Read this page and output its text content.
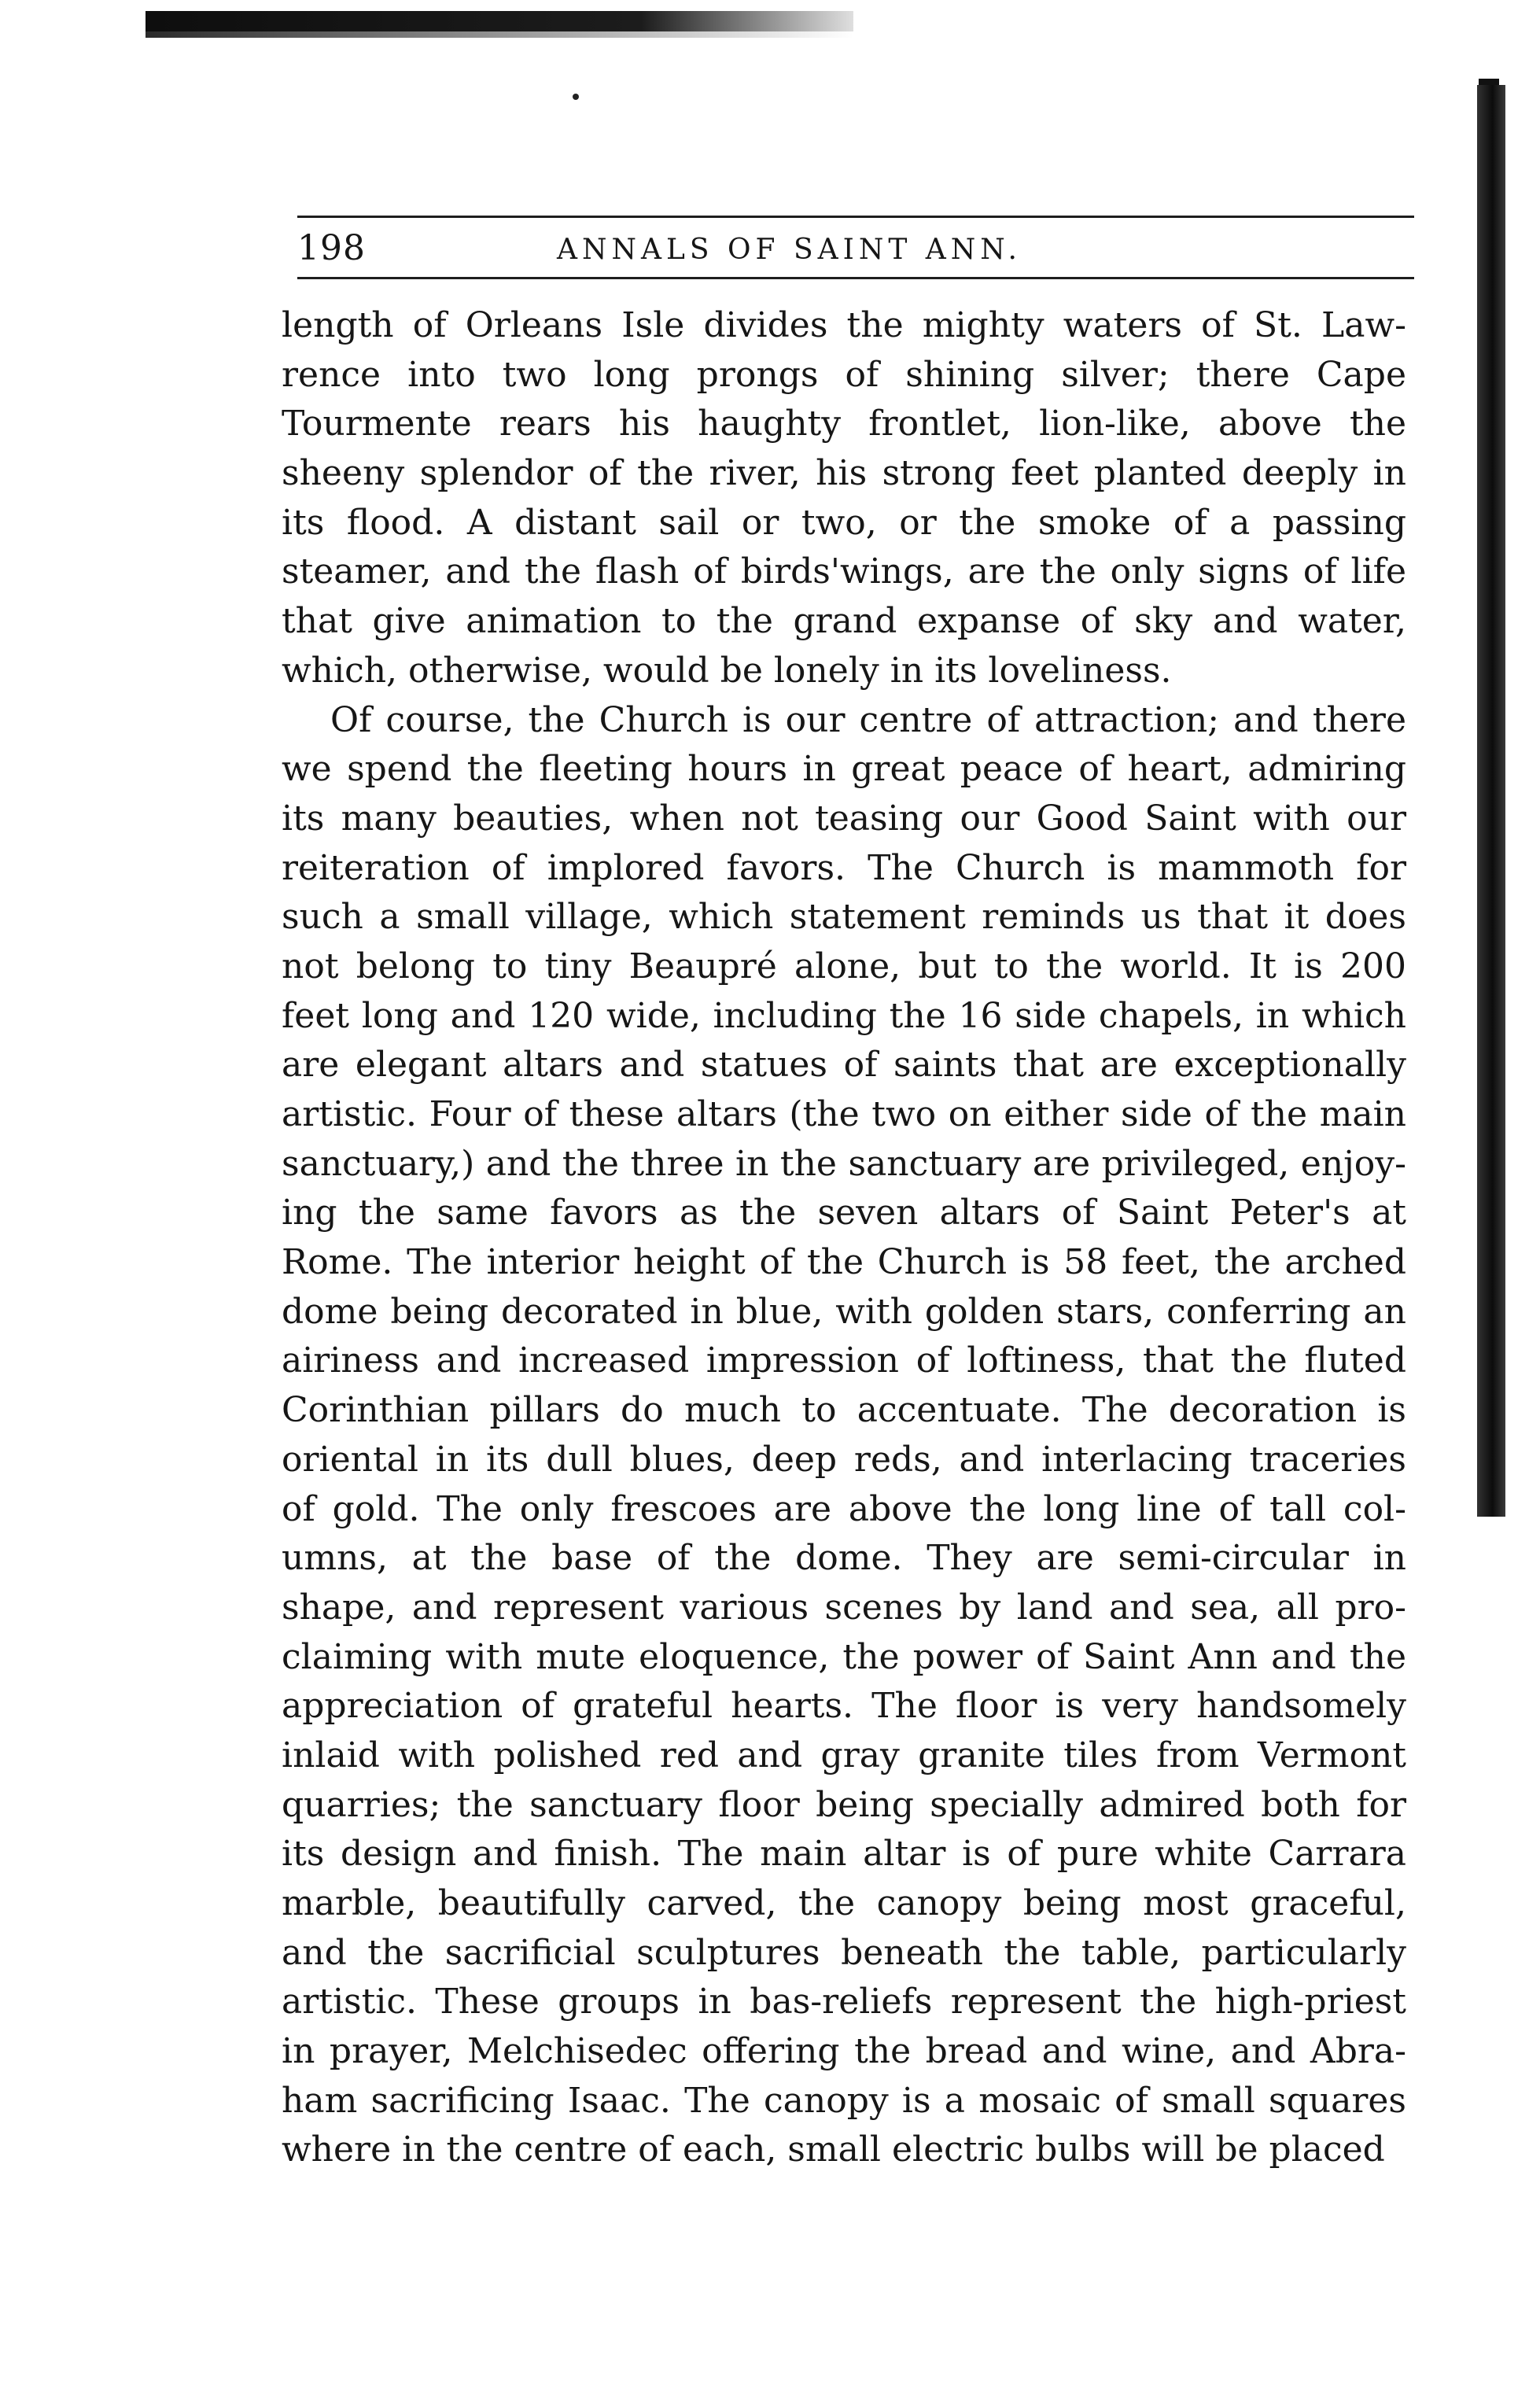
198	ANNALS OF SAINT ANN.
length of Orleans Isle divides the mighty waters of St. Law-
rence into two long prongs of shining silver; there Cape
Tourmente rears his haughty frontlet, lion-like, above the
sheeny splendor of the river, his strong feet planted deeply in
its flood. A distant sail or two, or the smoke of a passing
steamer, and the flash of birds'wings, are the only signs of life
that give animation to the grand expanse of sky and water,
which, otherwise, would be lonely in its loveliness.
Of course, the Church is our centre of attraction; and there
we spend the fleeting hours in great peace of heart, admiring
its many beauties, when not teasing our Good Saint with our
reiteration of implored favors. The Church is mammoth for
such a small village, which statement reminds us that it does
not belong to tiny Beaupré alone, but to the world. It is 200
feet long and 120 wide, including the 16 side chapels, in which
are elegant altars and statues of saints that are exceptionally
artistic. Four of these altars (the two on either side of the main
sanctuary,) and the three in the sanctuary are privileged, enjoy-
ing the same favors as the seven altars of Saint Peter's at
Rome. The interior height of the Church is 58 feet, the arched
dome being decorated in blue, with golden stars, conferring an
airiness and increased impression of loftiness, that the fluted
Corinthian pillars do much to accentuate. The decoration is
oriental in its dull blues, deep reds, and interlacing traceries
of gold. The only frescoes are above the long line of tall col-
umns, at the base of the dome. They are semi-circular in
shape, and represent various scenes by land and sea, all pro-
claiming with mute eloquence, the power of Saint Ann and the
appreciation of grateful hearts. The floor is very handsomely
inlaid with polished red and gray granite tiles from Vermont
quarries; the sanctuary floor being specially admired both for
its design and finish. The main altar is of pure white Carrara
marble, beautifully carved, the canopy being most graceful,
and the sacrificial sculptures beneath the table, particularly
artistic. These groups in bas-reliefs represent the high-priest
in prayer, Melchisedec offering the bread and wine, and Abra-
ham sacrificing Isaac. The canopy is a mosaic of small squares
where in the centre of each, small electric bulbs will be placed
